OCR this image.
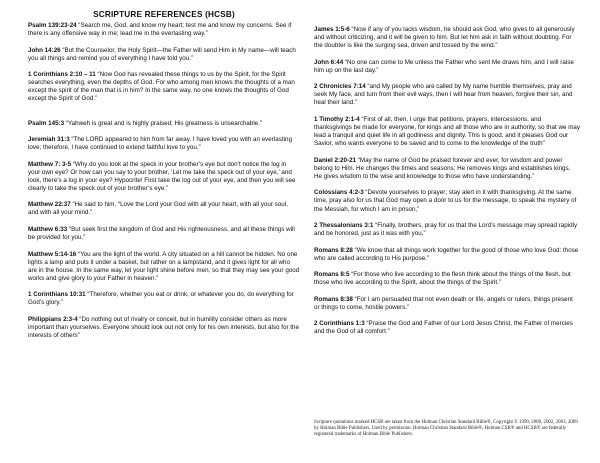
SCRIPTURE REFERENCES (HCSB)

Psalm 139:23-24 “Search me, God, and know my heart; test me and know my concerns. See if there is any offensive way in me; lead me in the everlasting way.”

John 14:26 “But the Counselor, the Holy Spirit—the Father will send Him in My name—will teach you all things and remind you of everything I have told you.”

1 Corinthians 2:10 – 11 “Now God has revealed these things to us by the Spirit, for the Spirit searches everything, even the depths of God. For who among men knows the thoughts of a man except the spirit of the man that is in him? In the same way, no one knows the thoughts of God except the Spirit of God.”

Psalm 145:3 “Yahweh is great and is highly praised; His greatness is unsearchable.”

Jeremiah 31:3 “The LORD appeared to him from far away. I have loved you with an everlasting love; therefore, I have continued to extend faithful love to you.”

Matthew 7: 3-5 “Why do you look at the speck in your brother’s eye but don’t notice the log in your own eye? Or how can you say to your brother, ‘Let me take the speck out of your eye,’ and look, there’s a log in your eye? Hypocrite! First take the log out of your eye, and then you will see clearly to take the speck out of your brother’s eye.”

Matthew 22:37 “He said to him, “Love the Lord your God with all your heart, with all your soul, and with all your mind.”

Matthew 6:33 “But seek first the kingdom of God and His righteousness, and all these things will be provided for you.”

Matthew 5:14-16 “You are the light of the world. A city situated on a hill cannot be hidden. No one lights a lamp and puts it under a basket, but rather on a lampstand, and it gives light for all who are in the house. In the same way, let your light shine before men, so that they may see your good works and give glory to your Father in heaven.”

1 Corinthians 10:31 “Therefore, whether you eat or drink, or whatever you do, do everything for God’s glory.”

Philippians 2:3-4 “Do nothing out of rivalry or conceit, but in humility consider others as more important than yourselves. Everyone should look out not only for his own interests, but also for the interests of others”

James 1:5-6 “Now if any of you lacks wisdom, he should ask God, who gives to all generously and without criticizing, and it will be given to him. But let him ask in faith without doubting. For the doubter is like the surging sea, driven and tossed by the wind.”

John 6:44 “No one can come to Me unless the Father who sent Me draws him, and I will raise him up on the last day.”

2 Chronicles 7:14 “and My people who are called by My name humble themselves, pray and seek My face, and turn from their evil ways, then I will hear from heaven, forgive their sin, and heal their land.”

1 Timothy 2:1-4 “First of all, then, I urge that petitions, prayers, intercessions, and thanksgivings be made for everyone, for kings and all those who are in authority, so that we may lead a tranquil and quiet life in all godliness and dignity. This is good, and it pleases God our Savior, who wants everyone to be saved and to come to the knowledge of the truth”

Daniel 2:20-21 “May the name of God be praised forever and ever, for wisdom and power belong to Him. He changes the times and seasons; He removes kings and establishes kings. He gives wisdom to the wise and knowledge to those who have understanding.”

Colossians 4:2-3 “Devote yourselves to prayer; stay alert in it with thanksgiving. At the same time, pray also for us that God may open a door to us for the message, to speak the mystery of the Messiah, for which I am in prison,”

2 Thessalonians 3:1 “Finally, brothers, pray for us that the Lord’s message may spread rapidly and be honored, just as it was with you,”

Romans 8:28 “We know that all things work together for the good of those who love God: those who are called according to His purpose.”

Romans 8:5 “For those who live according to the flesh think about the things of the flesh, but those who live according to the Spirit, about the things of the Spirit.”

Romans 8:38 “For I am persuaded that not even death or life, angels or rulers, things present or things to come, hostile powers.”

2 Corinthians 1:3 “Praise the God and Father of our Lord Jesus Christ, the Father of mercies and the God of all comfort.”

Scripture quotations marked HCSB are taken from the Holman Christian Standard Bible®, Copyright © 1999, 2000, 2002, 2003, 2009 by Holman Bible Publishers. Used by permission. Holman Christian Standard Bible®, Holman CSB® and HCSB® are federally registered trademarks of Holman Bible Publishers.
